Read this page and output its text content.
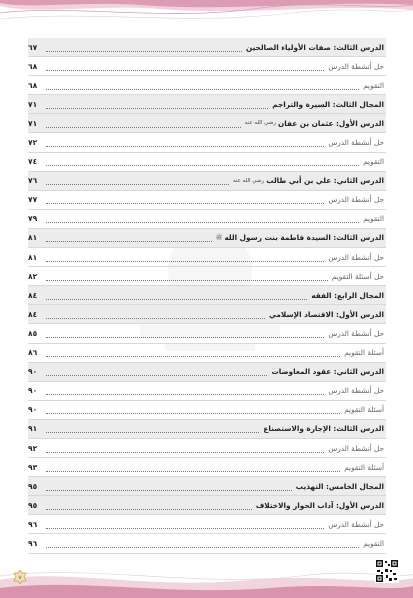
الدرس الثالث: صفات الأولياء الصالحين
٦٧
حل أنشطة الدرس
٦٨
التقويم
٦٨
المجال الثالث: السيرة والتراجم
٧١
الدرس الأول: عثمان بن عفان
رضي الله عنه
٧١
حل أنشطة الدرس
٧٢
التقويم
٧٤
الدرس الثاني: علي بن أبي طالب
رضي الله عنه
٧٦
حل أنشطة الدرس
٧٧
التقويم
٧٩
الدرس الثالث: السيدة فاطمة بنت رسول الله
ﷺ
٨١
حل أنشطة الدرس
٨١
حل أسئلة التقويم
٨٢
المجال الرابع: الفقه
٨٤
الدرس الأول: الاقتصاد الإسلامي
٨٤
حل أنشطة الدرس
٨٥
أسئلة التقويم
٨٦
الدرس الثاني: عقود المعاوضات
٩٠
حل أنشطة الدرس
٩٠
أسئلة التقويم
٩٠
الدرس الثالث: الإجارة والاستصناع
٩١
حل أنشطة الدرس
٩٢
أسئلة التقويم
٩٣
المجال الخامس: التهذيب
٩٥
الدرس الأول: آداب الحوار والاختلاف
٩٥
حل أنشطة الدرس
٩٦
التقويم
٩٦
٧
